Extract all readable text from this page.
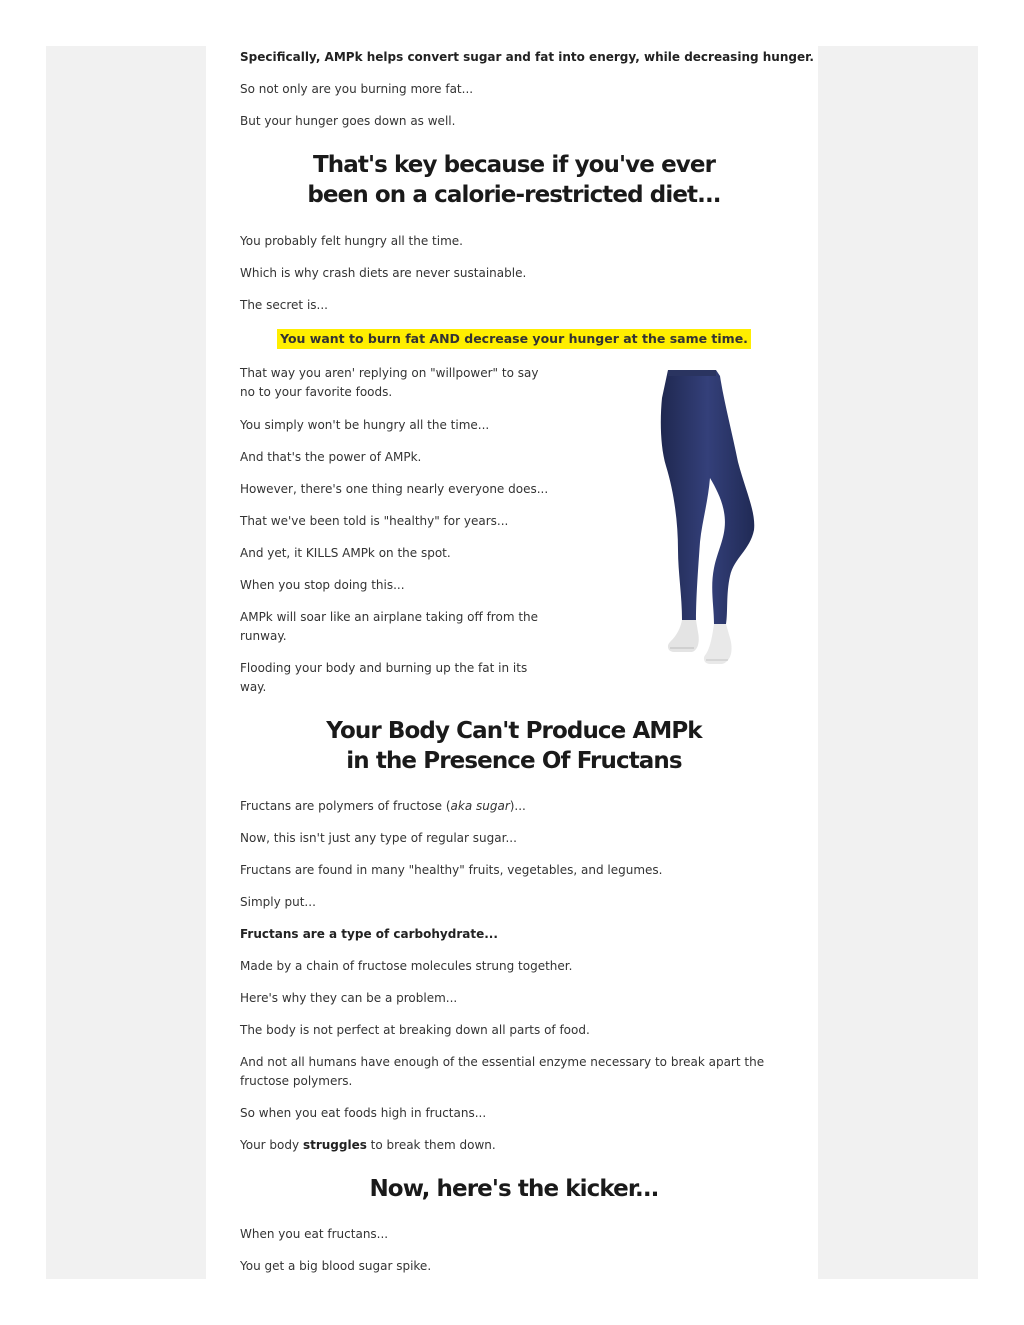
Specifically, AMPk helps convert sugar and fat into energy, while decreasing hunger.

So not only are you burning more fat...

But your hunger goes down as well.

That's key because if you've ever
been on a calorie-restricted diet...

You probably felt hungry all the time.

Which is why crash diets are never sustainable.

The secret is...

You want to burn fat AND decrease your hunger at the same time.

That way you aren' replying on "willpower" to say no to your favorite foods.

You simply won't be hungry all the time...

And that's the power of AMPk.

However, there's one thing nearly everyone does...

That we've been told is "healthy" for years...

And yet, it KILLS AMPk on the spot.

When you stop doing this...

AMPk will soar like an airplane taking off from the runway.

Flooding your body and burning up the fat in its way.

Your Body Can't Produce AMPk
in the Presence Of Fructans

Fructans are polymers of fructose (aka sugar)...

Now, this isn't just any type of regular sugar...

Fructans are found in many "healthy" fruits, vegetables, and legumes.

Simply put...

Fructans are a type of carbohydrate...

Made by a chain of fructose molecules strung together.

Here's why they can be a problem...

The body is not perfect at breaking down all parts of food.

And not all humans have enough of the essential enzyme necessary to break apart the fructose polymers.

So when you eat foods high in fructans...

Your body struggles to break them down.

Now, here's the kicker...

When you eat fructans...

You get a big blood sugar spike.
